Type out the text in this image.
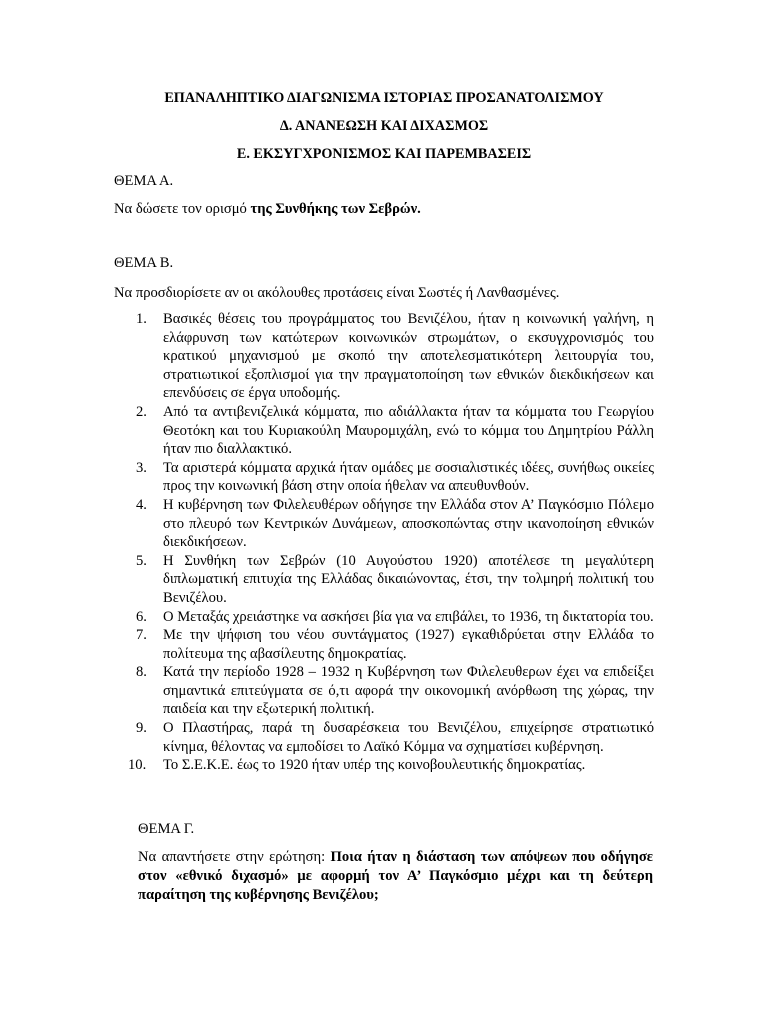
ΕΠΑΝΑΛΗΠΤΙΚΟ ΔΙΑΓΩΝΙΣΜΑ ΙΣΤΟΡΙΑΣ ΠΡΟΣΑΝΑΤΟΛΙΣΜΟΥ
Δ. ΑΝΑΝΕΩΣΗ ΚΑΙ ΔΙΧΑΣΜΟΣ
Ε. ΕΚΣΥΓΧΡΟΝΙΣΜΟΣ ΚΑΙ ΠΑΡΕΜΒΑΣΕΙΣ
ΘΕΜΑ Α.
Να δώσετε τον ορισμό της Συνθήκης των Σεβρών.
ΘΕΜΑ Β.
Να προσδιορίσετε αν οι ακόλουθες προτάσεις είναι Σωστές ή Λανθασμένες.
1.	Βασικές θέσεις του προγράμματος του Βενιζέλου, ήταν η κοινωνική γαλήνη, η ελάφρυνση των κατώτερων κοινωνικών στρωμάτων, ο εκσυγχρονισμός του κρατικού μηχανισμού με σκοπό την αποτελεσματικότερη λειτουργία του, στρατιωτικοί εξοπλισμοί για την πραγματοποίηση των εθνικών διεκδικήσεων και επενδύσεις σε έργα υποδομής.
2.	Από τα αντιβενιζελικά κόμματα, πιο αδιάλλακτα ήταν τα κόμματα του Γεωργίου Θεοτόκη και του Κυριακούλη Μαυρομιχάλη, ενώ το κόμμα του Δημητρίου Ράλλη ήταν πιο διαλλακτικό.
3.	Τα αριστερά κόμματα αρχικά ήταν ομάδες με σοσιαλιστικές ιδέες, συνήθως οικείες προς την κοινωνική βάση στην οποία ήθελαν να απευθυνθούν.
4.	Η κυβέρνηση των Φιλελευθέρων οδήγησε την Ελλάδα στον Α’ Παγκόσμιο Πόλεμο στο πλευρό των Κεντρικών Δυνάμεων, αποσκοπώντας στην ικανοποίηση εθνικών διεκδικήσεων.
5.	Η Συνθήκη των Σεβρών (10 Αυγούστου 1920) αποτέλεσε τη μεγαλύτερη διπλωματική επιτυχία της Ελλάδας δικαιώνοντας, έτσι, την τολμηρή πολιτική του Βενιζέλου.
6.	Ο Μεταξάς χρειάστηκε να ασκήσει βία για να επιβάλει, το 1936, τη δικτατορία του.
7.	Με την ψήφιση του νέου συντάγματος (1927) εγκαθιδρύεται στην Ελλάδα το πολίτευμα της αβασίλευτης δημοκρατίας.
8.	Κατά την περίοδο 1928 – 1932 η Κυβέρνηση των Φιλελευθερων έχει να επιδείξει σημαντικά επιτεύγματα σε ό,τι αφορά την οικονομική ανόρθωση της χώρας, την παιδεία και την εξωτερική πολιτική.
9.	Ο Πλαστήρας, παρά τη δυσαρέσκεια του Βενιζέλου, επιχείρησε στρατιωτικό κίνημα, θέλοντας να εμποδίσει το Λαϊκό Κόμμα να σχηματίσει κυβέρνηση.
10.	Το Σ.Ε.Κ.Ε. έως το 1920 ήταν υπέρ της κοινοβουλευτικής δημοκρατίας.
ΘΕΜΑ Γ.
Να απαντήσετε στην ερώτηση: Ποια ήταν η διάσταση των απόψεων που οδήγησε στον «εθνικό διχασμό» με αφορμή τον Α’ Παγκόσμιο μέχρι και τη δεύτερη παραίτηση της κυβέρνησης Βενιζέλου;
